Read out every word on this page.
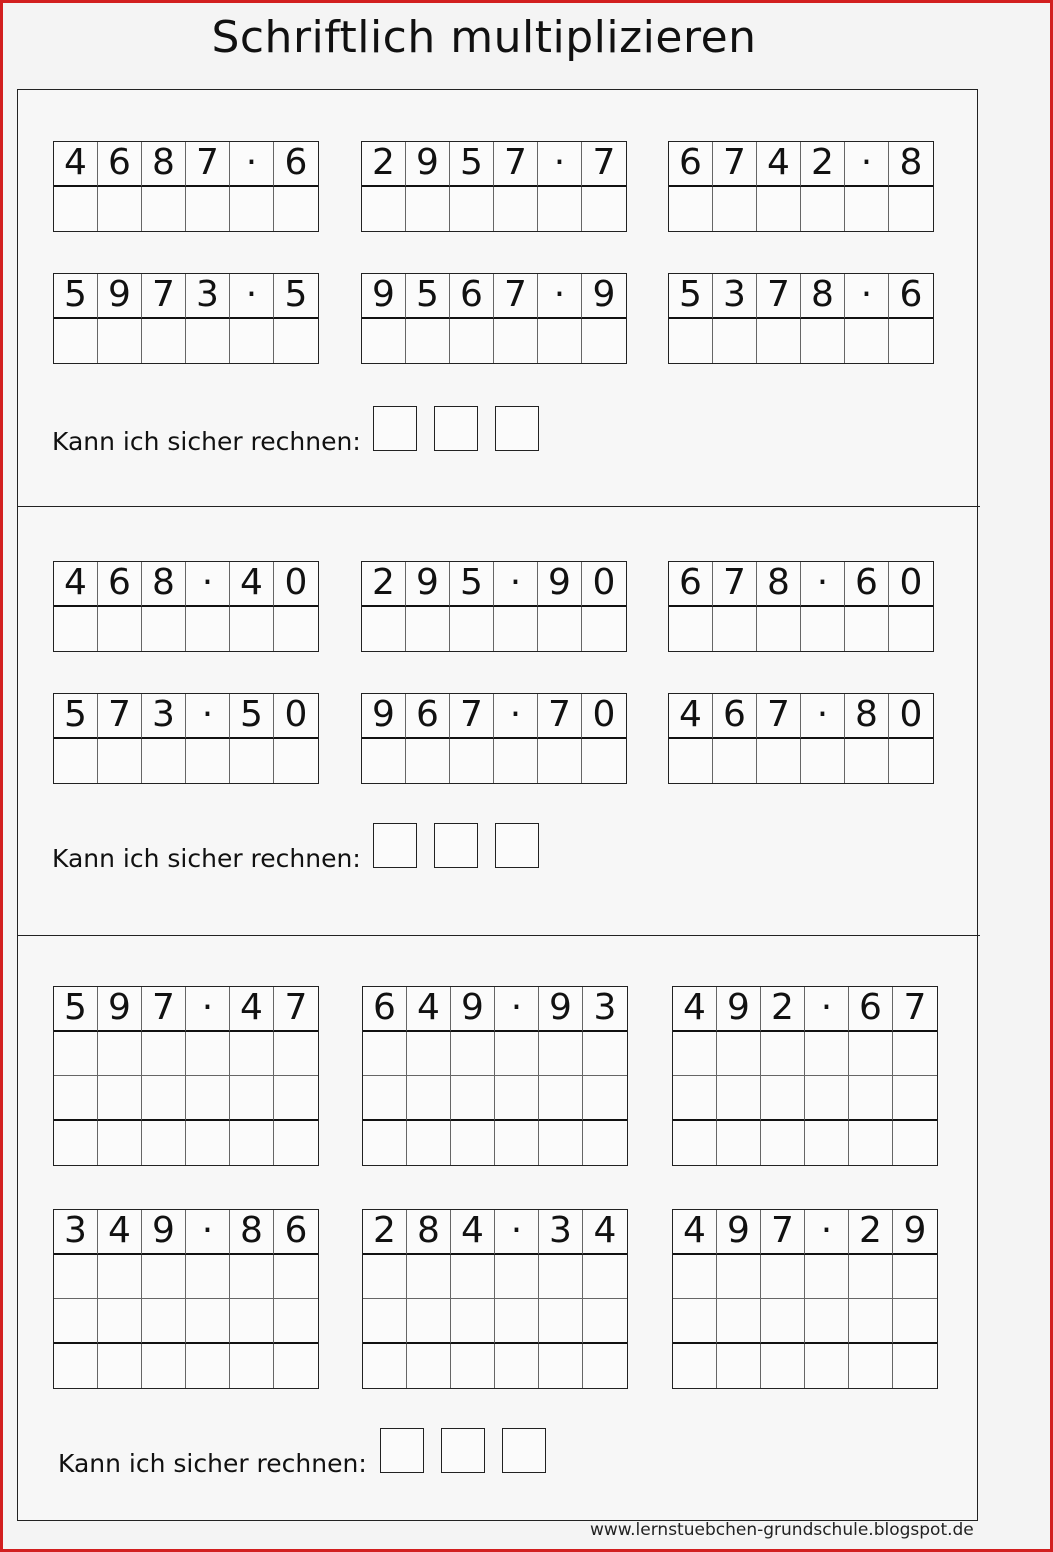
Schriftlich multiplizieren
4 6 8 7 · 6 2 9 5 7 · 7 6 7 4 2 · 8
5 9 7 3 · 5 9 5 6 7 · 9 5 3 7 8 · 6
4 6 8 · 4 0 2 9 5 · 9 0 6 7 8 · 6 0
5 7 3 · 5 0 9 6 7 · 7 0 4 6 7 · 8 0
5 9 7 · 4 7 6 4 9 · 9 3 4 9 2 · 6 7
3 4 9 · 8 6 2 8 4 · 3 4 4 9 7 · 2 9
Kann ich sicher rechnen:
Kann ich sicher rechnen:
Kann ich sicher rechnen:
www.lernstuebchen-grundschule.blogspot.de
